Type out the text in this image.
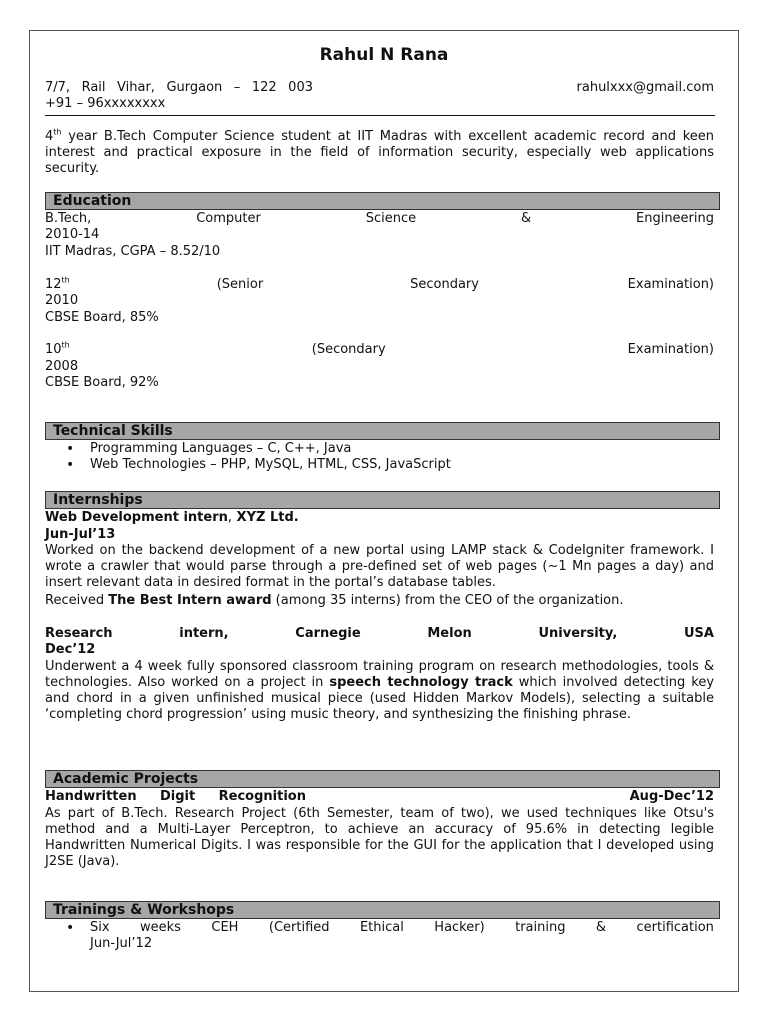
Rahul N Rana
7/7, Rail Vihar, Gurgaon – 122 003	rahulxxx@gmail.com
+91 – 96xxxxxxxx
4th year B.Tech Computer Science student at IIT Madras with excellent academic record and keen interest and practical exposure in the field of information security, especially web applications security.
Education
B.Tech,	Computer	Science	&	Engineering
2010-14
IIT Madras, CGPA – 8.52/10
12th	(Senior	Secondary	Examination)
2010
CBSE Board, 85%
10th	(Secondary	Examination)
2008
CBSE Board, 92%
Technical Skills
• Programming Languages – C, C++, Java
• Web Technologies – PHP, MySQL, HTML, CSS, JavaScript
Internships
Web Development intern, XYZ Ltd.
Jun-Jul’13
Worked on the backend development of a new portal using LAMP stack & CodeIgniter framework. I wrote a crawler that would parse through a pre-defined set of web pages (~1 Mn pages a day) and insert relevant data in desired format in the portal’s database tables.
Received The Best Intern award (among 35 interns) from the CEO of the organization.
Research	intern,	Carnegie	Melon	University,	USA
Dec’12
Underwent a 4 week fully sponsored classroom training program on research methodologies, tools & technologies. Also worked on a project in speech technology track which involved detecting key and chord in a given unfinished musical piece (used Hidden Markov Models), selecting a suitable ‘completing chord progression’ using music theory, and synthesizing the finishing phrase.
Academic Projects
Handwritten Digit Recognition	Aug-Dec’12
As part of B.Tech. Research Project (6th Semester, team of two), we used techniques like Otsu's method and a Multi-Layer Perceptron, to achieve an accuracy of 95.6% in detecting legible Handwritten Numerical Digits. I was responsible for the GUI for the application that I developed using J2SE (Java).
Trainings & Workshops
• Six weeks CEH (Certified Ethical Hacker) training & certification
Jun-Jul’12
